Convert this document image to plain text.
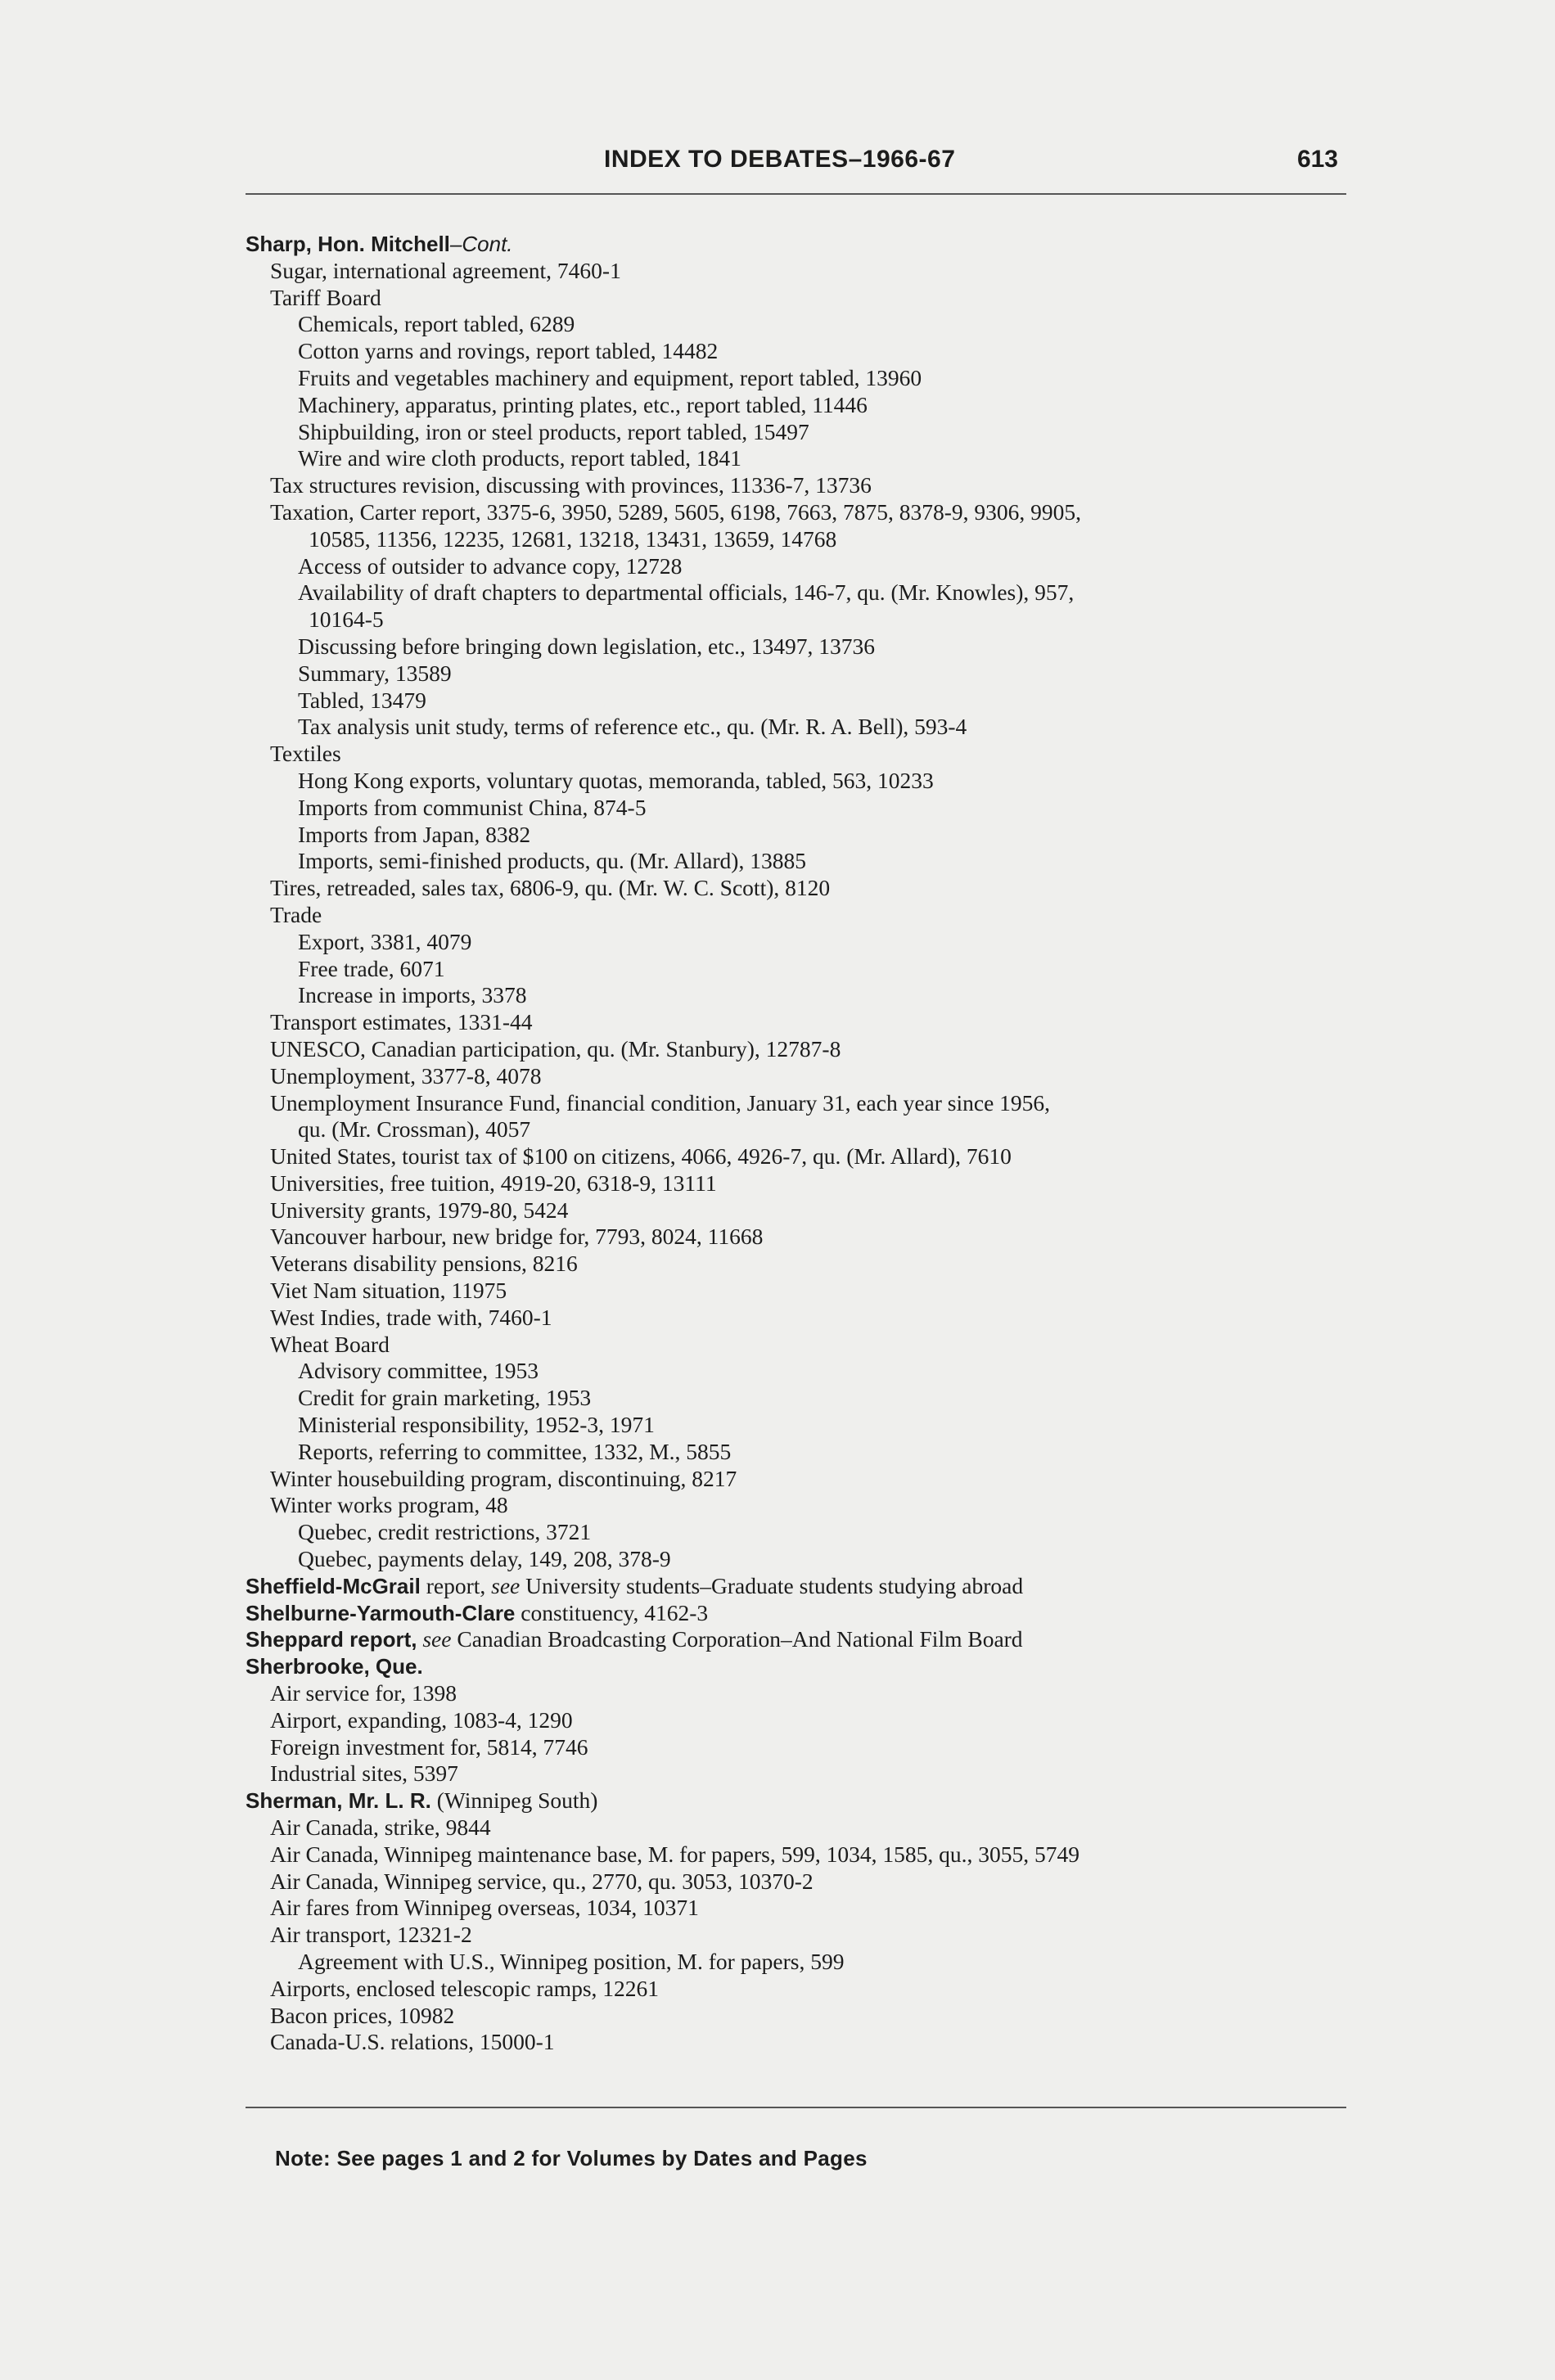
INDEX TO DEBATES–1966-67	613
Sharp, Hon. Mitchell–Cont.
Sugar, international agreement, 7460-1
Tariff Board
Chemicals, report tabled, 6289
Cotton yarns and rovings, report tabled, 14482
Fruits and vegetables machinery and equipment, report tabled, 13960
Machinery, apparatus, printing plates, etc., report tabled, 11446
Shipbuilding, iron or steel products, report tabled, 15497
Wire and wire cloth products, report tabled, 1841
Tax structures revision, discussing with provinces, 11336-7, 13736
Taxation, Carter report, 3375-6, 3950, 5289, 5605, 6198, 7663, 7875, 8378-9, 9306, 9905,
10585, 11356, 12235, 12681, 13218, 13431, 13659, 14768
Access of outsider to advance copy, 12728
Availability of draft chapters to departmental officials, 146-7, qu. (Mr. Knowles), 957,
10164-5
Discussing before bringing down legislation, etc., 13497, 13736
Summary, 13589
Tabled, 13479
Tax analysis unit study, terms of reference etc., qu. (Mr. R. A. Bell), 593-4
Textiles
Hong Kong exports, voluntary quotas, memoranda, tabled, 563, 10233
Imports from communist China, 874-5
Imports from Japan, 8382
Imports, semi-finished products, qu. (Mr. Allard), 13885
Tires, retreaded, sales tax, 6806-9, qu. (Mr. W. C. Scott), 8120
Trade
Export, 3381, 4079
Free trade, 6071
Increase in imports, 3378
Transport estimates, 1331-44
UNESCO, Canadian participation, qu. (Mr. Stanbury), 12787-8
Unemployment, 3377-8, 4078
Unemployment Insurance Fund, financial condition, January 31, each year since 1956,
qu. (Mr. Crossman), 4057
United States, tourist tax of $100 on citizens, 4066, 4926-7, qu. (Mr. Allard), 7610
Universities, free tuition, 4919-20, 6318-9, 13111
University grants, 1979-80, 5424
Vancouver harbour, new bridge for, 7793, 8024, 11668
Veterans disability pensions, 8216
Viet Nam situation, 11975
West Indies, trade with, 7460-1
Wheat Board
Advisory committee, 1953
Credit for grain marketing, 1953
Ministerial responsibility, 1952-3, 1971
Reports, referring to committee, 1332, M., 5855
Winter housebuilding program, discontinuing, 8217
Winter works program, 48
Quebec, credit restrictions, 3721
Quebec, payments delay, 149, 208, 378-9
Sheffield-McGrail report, see University students–Graduate students studying abroad
Shelburne-Yarmouth-Clare constituency, 4162-3
Sheppard report, see Canadian Broadcasting Corporation–And National Film Board
Sherbrooke, Que.
Air service for, 1398
Airport, expanding, 1083-4, 1290
Foreign investment for, 5814, 7746
Industrial sites, 5397
Sherman, Mr. L. R. (Winnipeg South)
Air Canada, strike, 9844
Air Canada, Winnipeg maintenance base, M. for papers, 599, 1034, 1585, qu., 3055, 5749
Air Canada, Winnipeg service, qu., 2770, qu. 3053, 10370-2
Air fares from Winnipeg overseas, 1034, 10371
Air transport, 12321-2
Agreement with U.S., Winnipeg position, M. for papers, 599
Airports, enclosed telescopic ramps, 12261
Bacon prices, 10982
Canada-U.S. relations, 15000-1
Note: See pages 1 and 2 for Volumes by Dates and Pages
